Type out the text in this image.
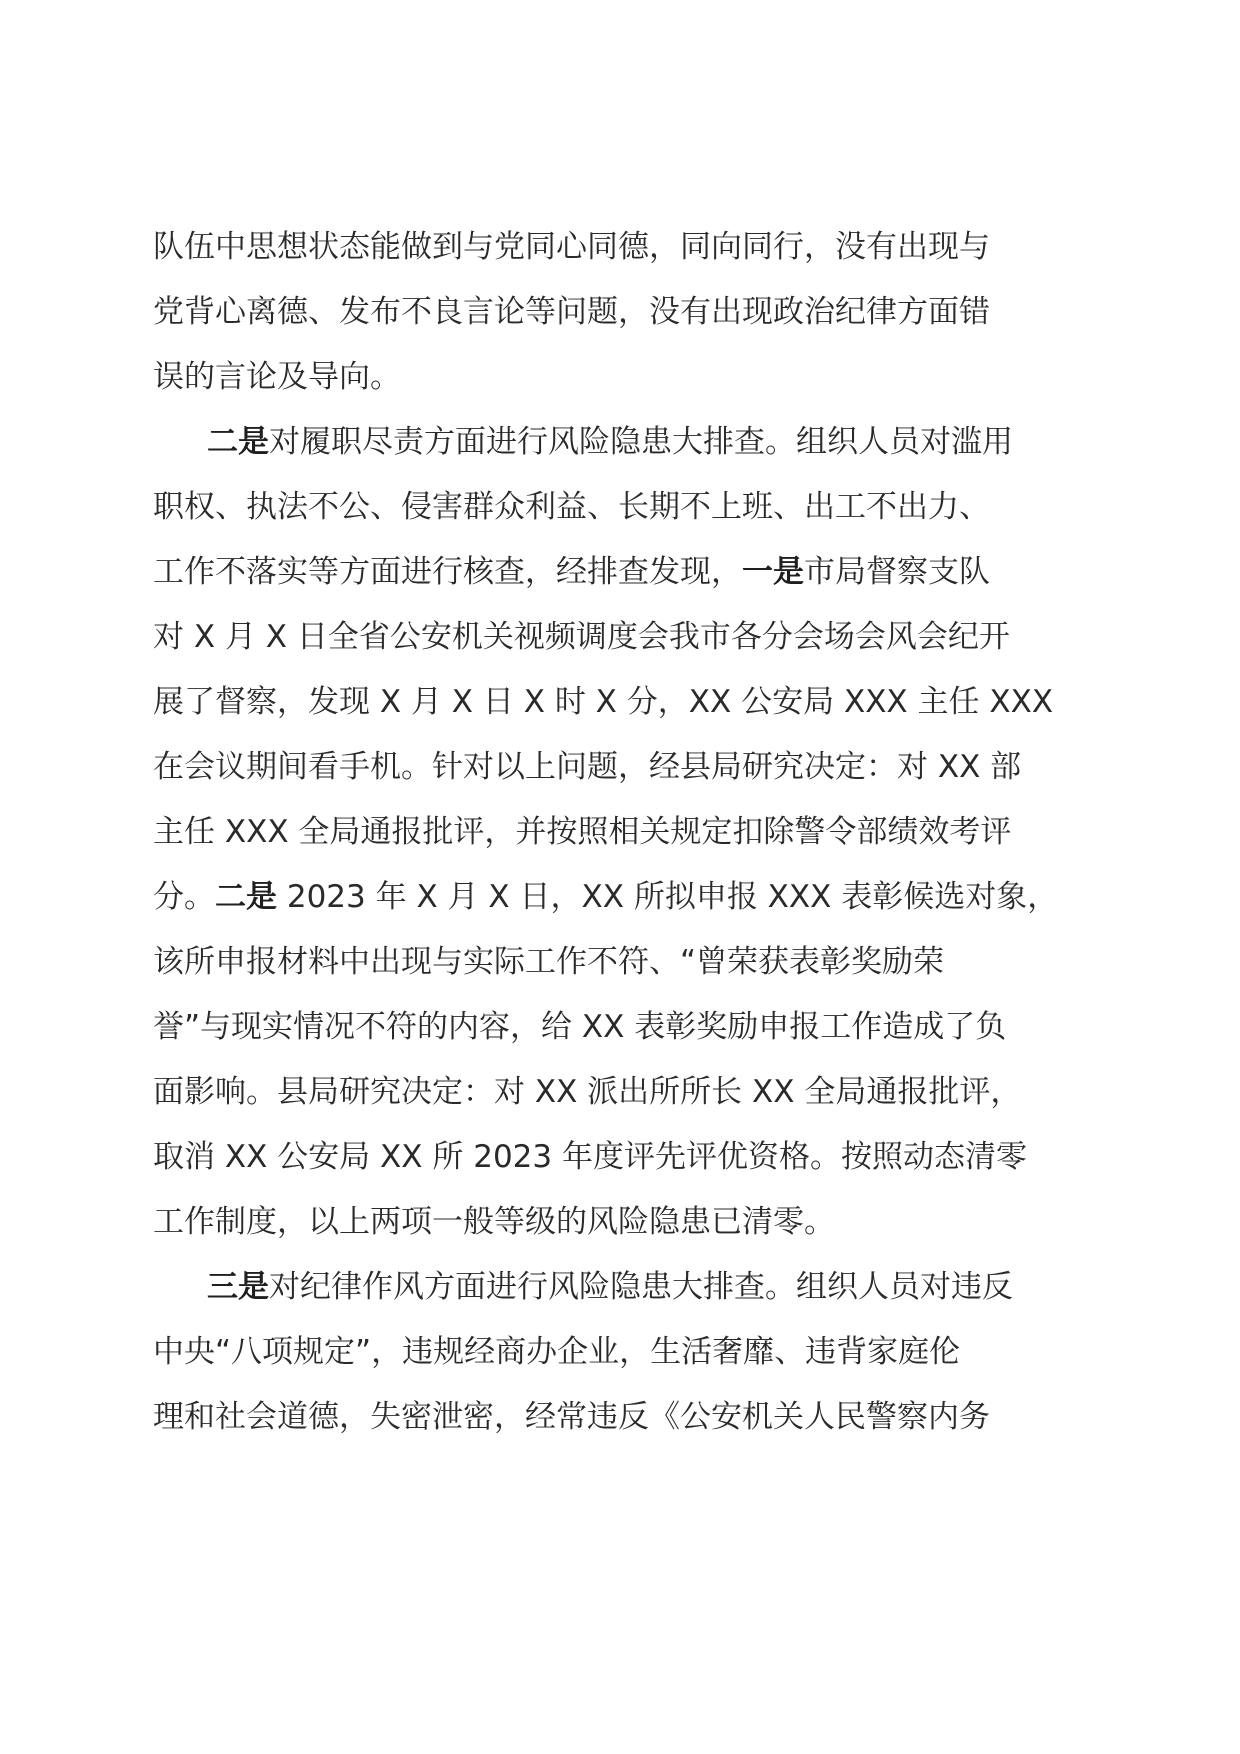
队伍中思想状态能做到与党同心同德，同向同行，没有出现与
党背心离德、发布不良言论等问题，没有出现政治纪律方面错
误的言论及导向。
二是对履职尽责方面进行风险隐患大排查。组织人员对滥用
职权、执法不公、侵害群众利益、长期不上班、出工不出力、
工作不落实等方面进行核查，经排查发现，一是市局督察支队
对 X 月 X 日全省公安机关视频调度会我市各分会场会风会纪开
展了督察，发现 X 月 X 日 X 时 X 分，XX 公安局 XXX 主任 XXX
在会议期间看手机。针对以上问题，经县局研究决定：对 XX 部
主任 XXX 全局通报批评，并按照相关规定扣除警令部绩效考评
分。二是 2023 年 X 月 X 日，XX 所拟申报 XXX 表彰候选对象，
该所申报材料中出现与实际工作不符、“曾荣获表彰奖励荣
誉”与现实情况不符的内容，给 XX 表彰奖励申报工作造成了负
面影响。县局研究决定：对 XX 派出所所长 XX 全局通报批评，
取消 XX 公安局 XX 所 2023 年度评先评优资格。按照动态清零
工作制度，以上两项一般等级的风险隐患已清零。
三是对纪律作风方面进行风险隐患大排查。组织人员对违反
中央“八项规定”，违规经商办企业，生活奢靡、违背家庭伦
理和社会道德，失密泄密，经常违反《公安机关人民警察内务
